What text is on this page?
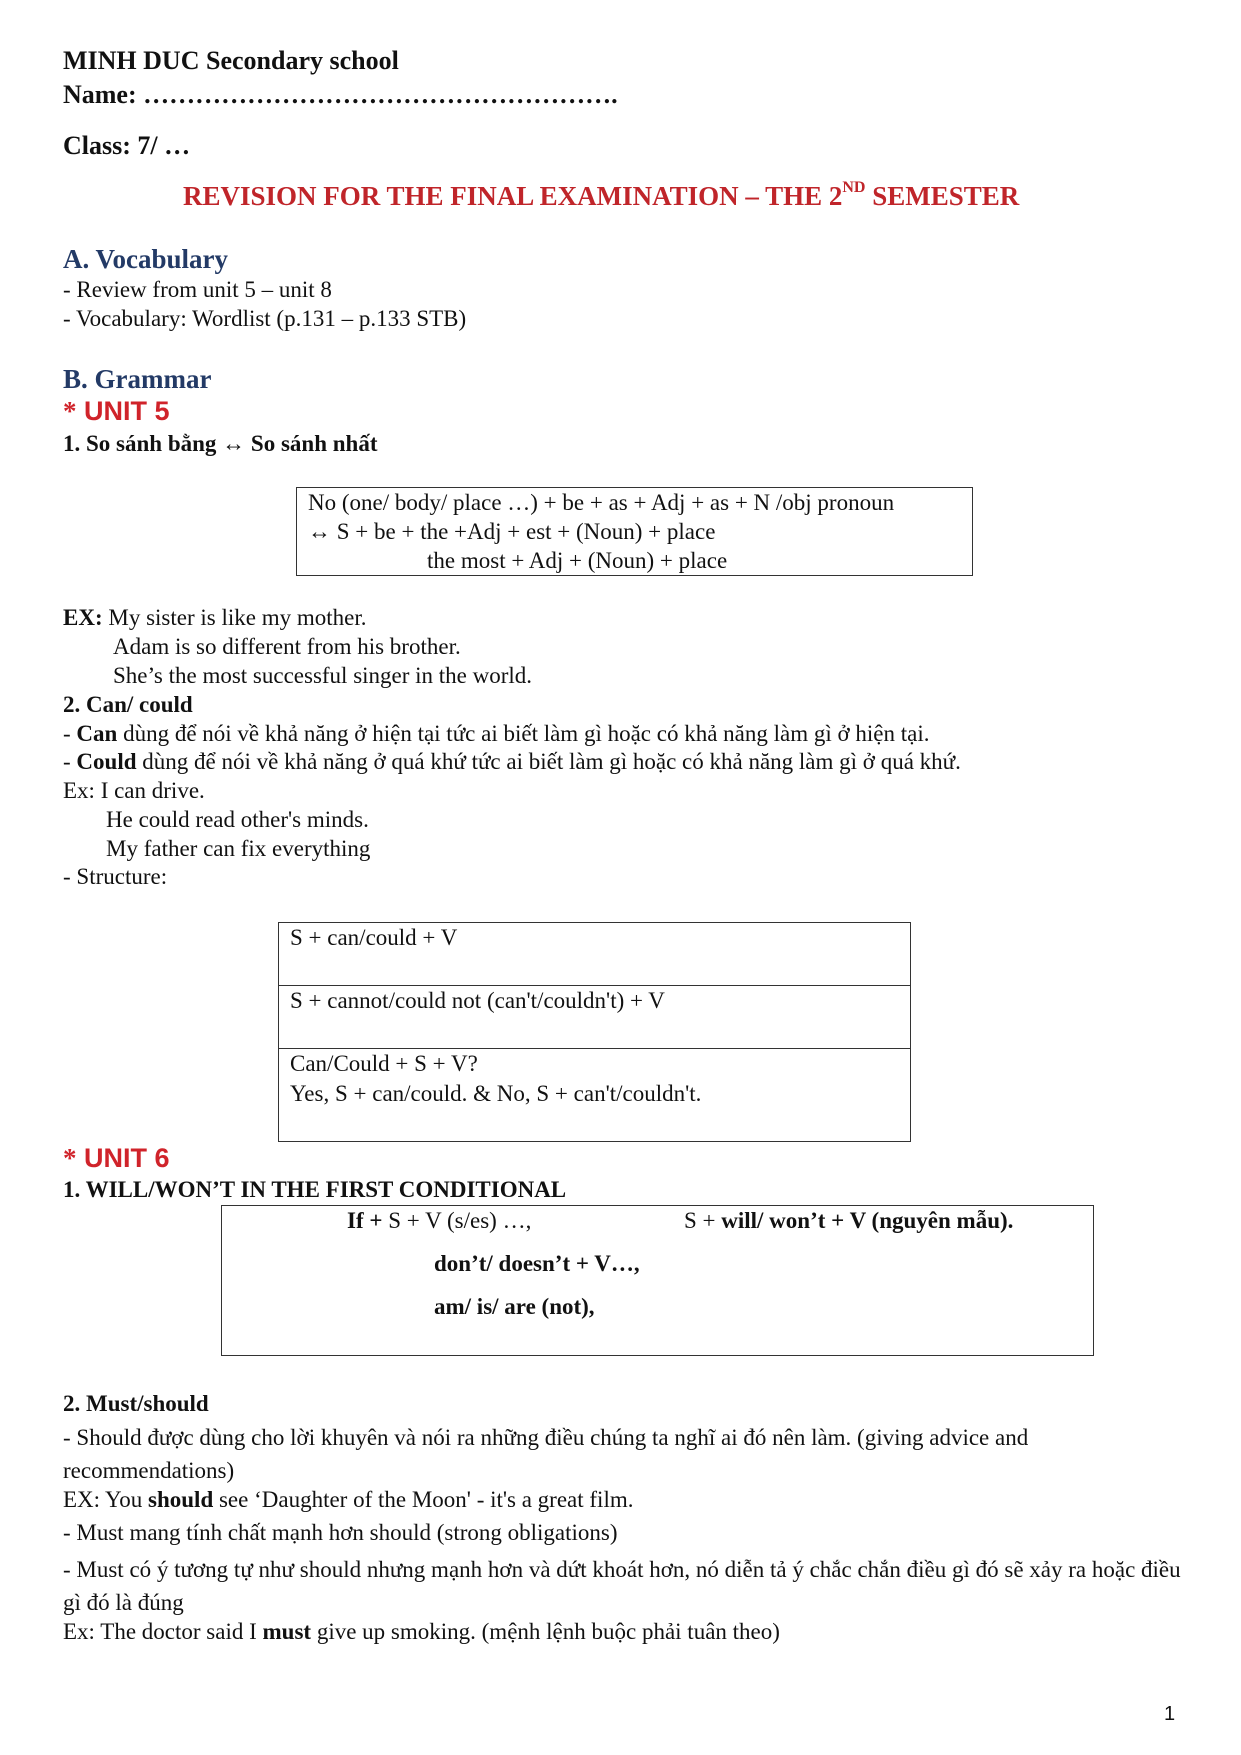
MINH DUC Secondary school
Name: ……………………………………………….
Class: 7/ …
REVISION FOR THE FINAL EXAMINATION – THE 2ND SEMESTER
A. Vocabulary
- Review from unit 5 – unit 8
- Vocabulary: Wordlist (p.131 – p.133 STB)
B. Grammar
* UNIT 5
1. So sánh bằng ↔ So sánh nhất
No (one/ body/ place …) + be + as + Adj + as + N /obj pronoun
↔ S + be + the +Adj + est + (Noun) + place
the most + Adj + (Noun) + place
EX: My sister is like my mother.
Adam is so different from his brother.
She’s the most successful singer in the world.
2. Can/ could
- Can dùng để nói về khả năng ở hiện tại tức ai biết làm gì hoặc có khả năng làm gì ở hiện tại.
- Could dùng để nói về khả năng ở quá khứ tức ai biết làm gì hoặc có khả năng làm gì ở quá khứ.
Ex: I can drive.
He could read other's minds.
My father can fix everything
- Structure:
S + can/could + V
S + cannot/could not (can't/couldn't) + V
Can/Could + S + V?
Yes, S + can/could. & No, S + can't/couldn't.
* UNIT 6
1. WILL/WON’T IN THE FIRST CONDITIONAL
If + S + V (s/es) …,	S + will/ won’t + V (nguyên mẫu).
don’t/ doesn’t + V…,
am/ is/ are (not),
2. Must/should
- Should được dùng cho lời khuyên và nói ra những điều chúng ta nghĩ ai đó nên làm. (giving advice and recommendations)
EX: You should see ‘Daughter of the Moon' - it's a great film.
- Must mang tính chất mạnh hơn should (strong obligations)
- Must có ý tương tự như should nhưng mạnh hơn và dứt khoát hơn, nó diễn tả ý chắc chắn điều gì đó sẽ xảy ra hoặc điều gì đó là đúng
Ex: The doctor said I must give up smoking. (mệnh lệnh buộc phải tuân theo)
1
